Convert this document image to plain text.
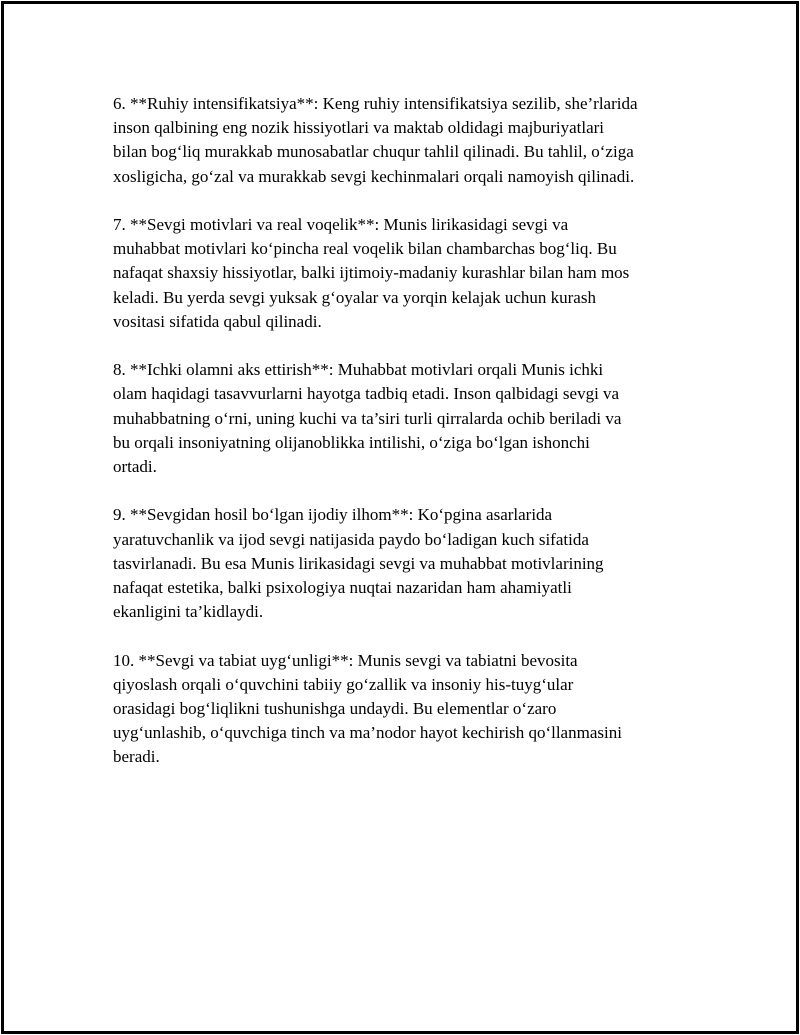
6. **Ruhiy intensifikatsiya**: Keng ruhiy intensifikatsiya sezilib, she’rlarida
inson qalbining eng nozik hissiyotlari va maktab oldidagi majburiyatlari
bilan bog‘liq murakkab munosabatlar chuqur tahlil qilinadi. Bu tahlil, o‘ziga
xosligicha, go‘zal va murakkab sevgi kechinmalari orqali namoyish qilinadi.

7. **Sevgi motivlari va real voqelik**: Munis lirikasidagi sevgi va
muhabbat motivlari ko‘pincha real voqelik bilan chambarchas bog‘liq. Bu
nafaqat shaxsiy hissiyotlar, balki ijtimoiy-madaniy kurashlar bilan ham mos
keladi. Bu yerda sevgi yuksak g‘oyalar va yorqin kelajak uchun kurash
vositasi sifatida qabul qilinadi.

8. **Ichki olamni aks ettirish**: Muhabbat motivlari orqali Munis ichki
olam haqidagi tasavvurlarni hayotga tadbiq etadi. Inson qalbidagi sevgi va
muhabbatning o‘rni, uning kuchi va ta’siri turli qirralarda ochib beriladi va
bu orqali insoniyatning olijanoblikka intilishi, o‘ziga bo‘lgan ishonchi
ortadi.

9. **Sevgidan hosil bo‘lgan ijodiy ilhom**: Ko‘pgina asarlarida
yaratuvchanlik va ijod sevgi natijasida paydo bo‘ladigan kuch sifatida
tasvirlanadi. Bu esa Munis lirikasidagi sevgi va muhabbat motivlarining
nafaqat estetika, balki psixologiya nuqtai nazaridan ham ahamiyatli
ekanligini ta’kidlaydi.

10. **Sevgi va tabiat uyg‘unligi**: Munis sevgi va tabiatni bevosita
qiyoslash orqali o‘quvchini tabiiy go‘zallik va insoniy his-tuyg‘ular
orasidagi bog‘liqlikni tushunishga undaydi. Bu elementlar o‘zaro
uyg‘unlashib, o‘quvchiga tinch va ma’nodor hayot kechirish qo‘llanmasini
beradi.
